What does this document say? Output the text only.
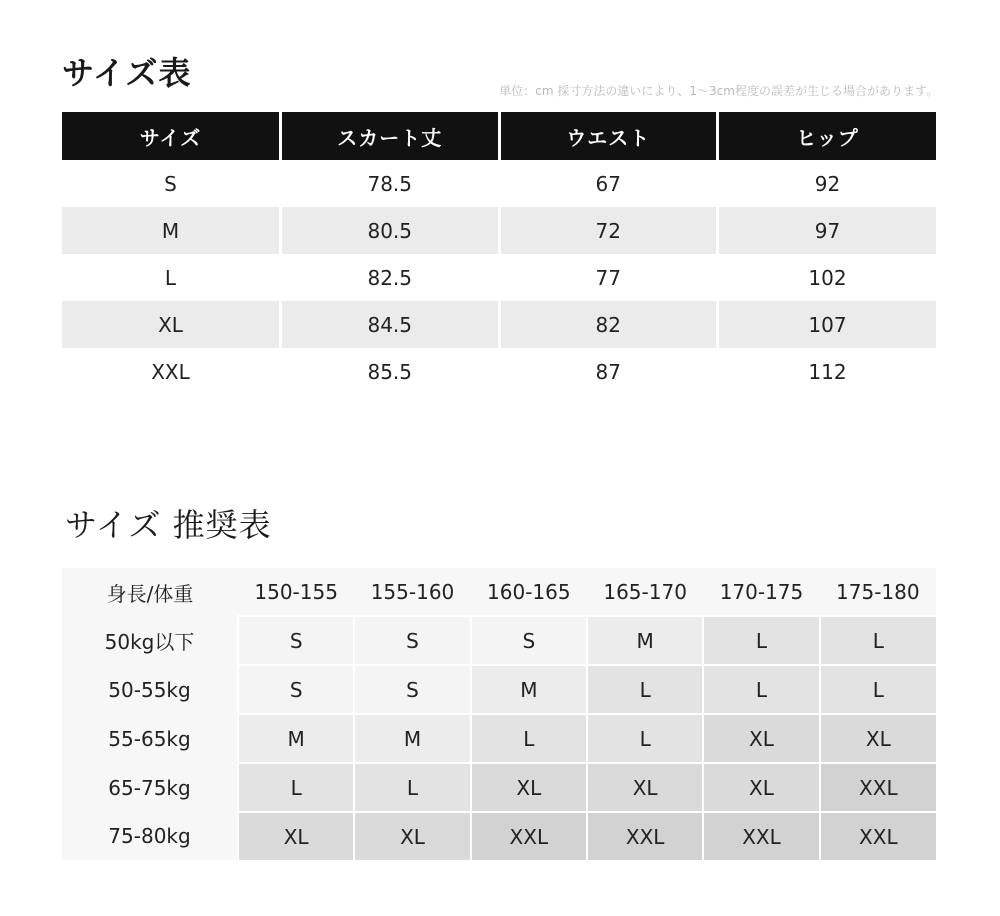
サイズ表	単位：cm 採寸方法の違いにより、1〜3cm程度の誤差が生じる場合があります。
サイズ	スカート丈	ウエスト	ヒップ
S	78.5	67	92
M	80.5	72	97
L	82.5	77	102
XL	84.5	82	107
XXL	85.5	87	112
サイズ 推奨表
身長/体重	150-155	155-160	160-165	165-170	170-175	175-180
50kg以下	S	S	S	M	L	L
50-55kg	S	S	M	L	L	L
55-65kg	M	M	L	L	XL	XL
65-75kg	L	L	XL	XL	XL	XXL
75-80kg	XL	XL	XXL	XXL	XXL	XXL
